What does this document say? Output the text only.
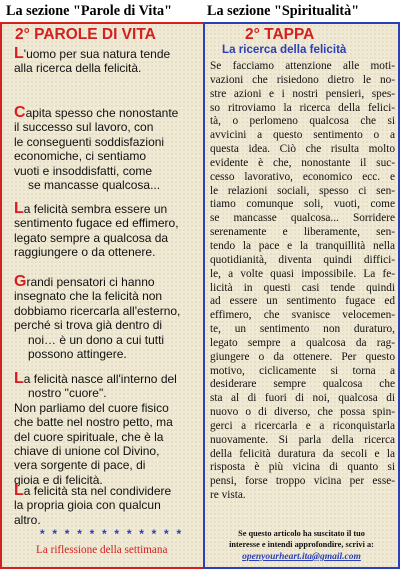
La sezione "Parole di Vita" La sezione "Spiritualità"
2° PAROLE DI VITA
L'uomo per sua natura tende
alla ricerca della felicità.
Capita spesso che nonostante
il successo sul lavoro, con
le conseguenti soddisfazioni
economiche, ci sentiamo
vuoti e insoddisfatti, come
se mancasse qualcosa...
La felicità sembra essere un
sentimento fugace ed effimero,
legato sempre a qualcosa da
raggiungere o da ottenere.
Grandi pensatori ci hanno
insegnato che la felicità non
dobbiamo ricercarla all'esterno,
perché si trova già dentro di
noi… è un dono a cui tutti
possono attingere.
La felicità nasce all'interno del
nostro "cuore".
Non parliamo del cuore fisico
che batte nel nostro petto, ma
del cuore spirituale, che è la
chiave di unione col Divino,
vera sorgente di pace, di
gioia e di felicità.
La felicità sta nel condividere
la propria gioia con qualcun
altro.
* * * * * * * * * * * *
La riflessione della settimana
2° TAPPA
La ricerca della felicità
Se facciamo attenzione alle moti-
vazioni che risiedono dietro le no-
stre azioni e i nostri pensieri, spes-
so ritroviamo la ricerca della felici-
tà, o perlomeno qualcosa che si
avvicini a questo sentimento o a
questa idea. Ciò che risulta molto
evidente è che, nonostante il suc-
cesso lavorativo, economico ecc. e
le relazioni sociali, spesso ci sen-
tiamo comunque soli, vuoti, come
se mancasse qualcosa... Sorridere
serenamente e liberamente, sen-
tendo la pace e la tranquillità nella
quotidianità, diventa quindi diffici-
le, a volte quasi impossibile. La fe-
licità in questi casi tende quindi
ad essere un sentimento fugace ed
effimero, che svanisce velocemen-
te, un sentimento non duraturo,
legato sempre a qualcosa da rag-
giungere o da ottenere. Per questo
motivo, ciclicamente si torna a
desiderare sempre qualcosa che
sta al di fuori di noi, qualcosa di
nuovo o di diverso, che possa spin-
gerci a ricercarla e a riconquistarla
nuovamente. Si parla della ricerca
della felicità duratura da secoli e la
risposta è più vicina di quanto si
pensi, forse troppo vicina per esse-
re vista.
Se questo articolo ha suscitato il tuo
interesse e intendi approfondire, scrivi a:
openyourheart.ita@gmail.com
